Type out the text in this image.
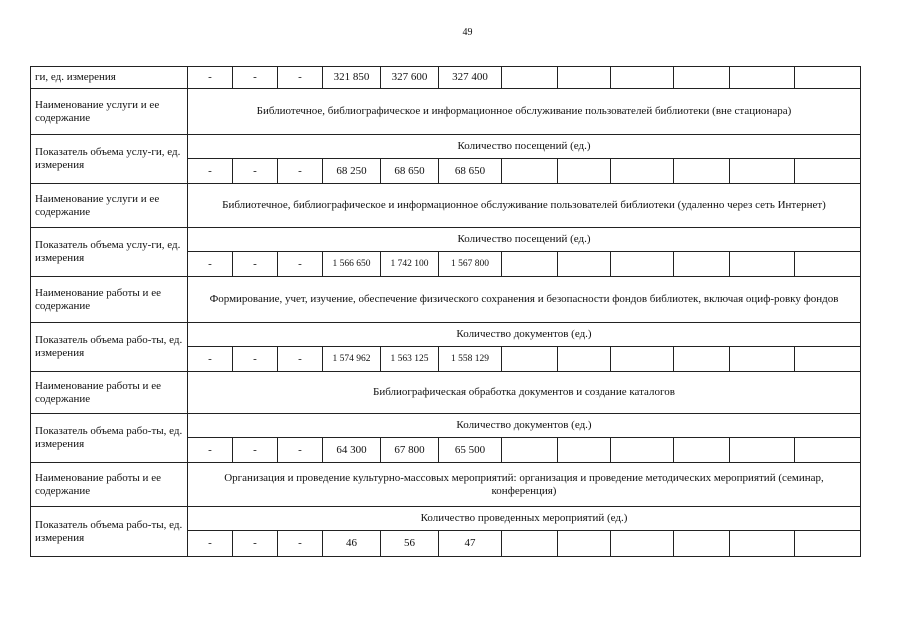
49
ги, ед. измерения	-	-	-	321 850	327 600	327 400						
Наименование услуги и ее содержание	Библиотечное, библиографическое и информационное обслуживание пользователей библиотеки (вне стационара)											
Показатель объема услу-ги, ед. измерения	Количество посещений (ед.)											
	-	-	-	68 250	68 650	68 650						
Наименование услуги и ее содержание	Библиотечное, библиографическое и информационное обслуживание пользователей библиотеки (удаленно через сеть Интернет)											
Показатель объема услу-ги, ед. измерения	Количество посещений (ед.)											
	-	-	-	1 566 650	1 742 100	1 567 800						
Наименование работы и ее содержание	Формирование, учет, изучение, обеспечение физического сохранения и безопасности фондов библиотек, включая оциф-ровку фондов											
Показатель объема рабо-ты, ед. измерения	Количество документов (ед.)											
	-	-	-	1 574 962	1 563 125	1 558 129						
Наименование работы и ее содержание	Библиографическая обработка документов и создание каталогов											
Показатель объема рабо-ты, ед. измерения	Количество документов (ед.)											
	-	-	-	64 300	67 800	65 500						
Наименование работы и ее содержание	Организация и проведение культурно-массовых мероприятий: организация и проведение методических мероприятий (семинар, конференция)											
Показатель объема рабо-ты, ед. измерения	Количество проведенных мероприятий (ед.)											
	-	-	-	46	56	47						
